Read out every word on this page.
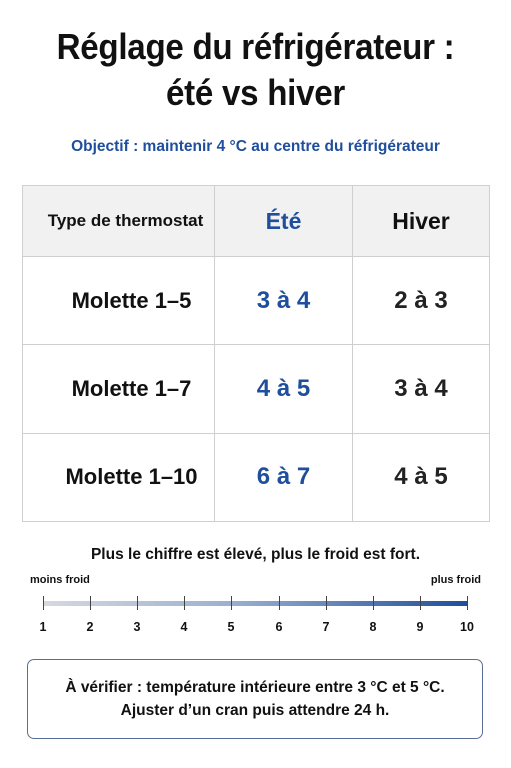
Réglage du réfrigérateur :
été vs hiver
Objectif : maintenir 4 °C au centre du réfrigérateur
Type de thermostat	Été	Hiver
Molette 1–5	3 à 4	2 à 3
Molette 1–7	4 à 5	3 à 4
Molette 1–10	6 à 7	4 à 5
Plus le chiffre est élevé, plus le froid est fort.
moins froid	plus froid
1	2	3	4	5	6	7	8	9	10
À vérifier : température intérieure entre 3 °C et 5 °C.
Ajuster d’un cran puis attendre 24 h.
